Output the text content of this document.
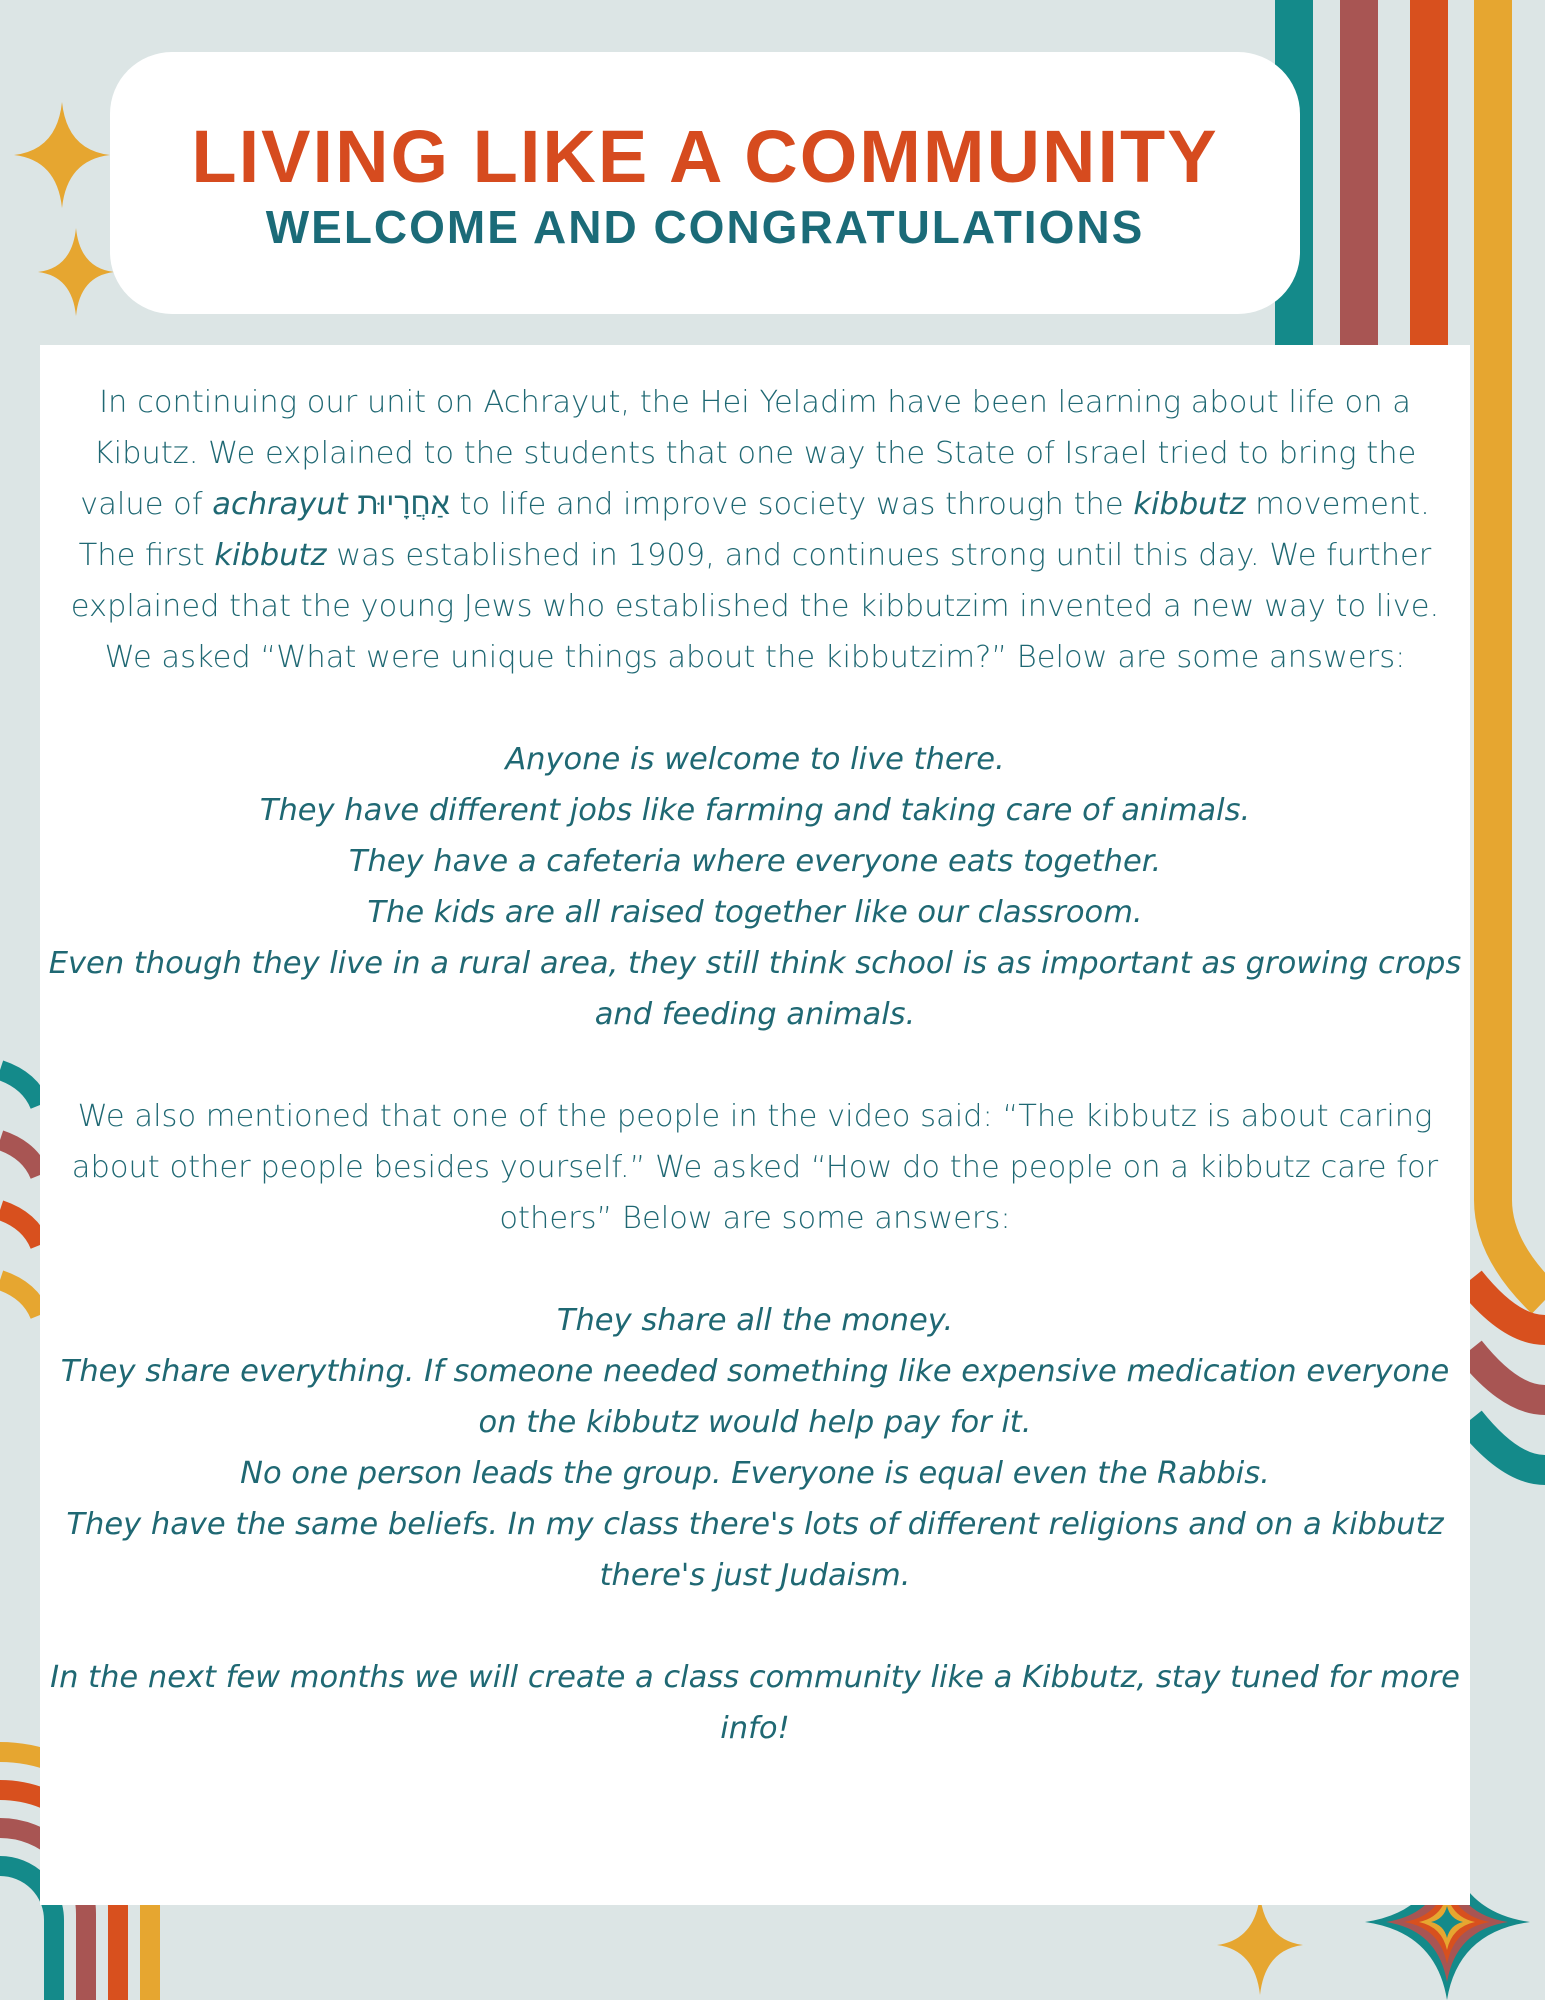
LIVING LIKE A COMMUNITY
WELCOME AND CONGRATULATIONS

In continuing our unit on Achrayut, the Hei Yeladim have been learning about life on a Kibutz. We explained to the students that one way the State of Israel tried to bring the value of achrayut אַחֲרָיוּת to life and improve society was through the kibbutz movement. The first kibbutz was established in 1909, and continues strong until this day. We further explained that the young Jews who established the kibbutzim invented a new way to live. We asked “What were unique things about the kibbutzim?” Below are some answers:

Anyone is welcome to live there.

They have different jobs like farming and taking care of animals.

They have a cafeteria where everyone eats together.

The kids are all raised together like our classroom.

Even though they live in a rural area, they still think school is as important as growing crops and feeding animals.

We also mentioned that one of the people in the video said: “The kibbutz is about caring about other people besides yourself.” We asked “How do the people on a kibbutz care for others” Below are some answers:

They share all the money.

They share everything. If someone needed something like expensive medication everyone on the kibbutz would help pay for it.

No one person leads the group. Everyone is equal even the Rabbis.

They have the same beliefs. In my class there's lots of different religions and on a kibbutz there's just Judaism.

In the next few months we will create a class community like a Kibbutz, stay tuned for more info!
